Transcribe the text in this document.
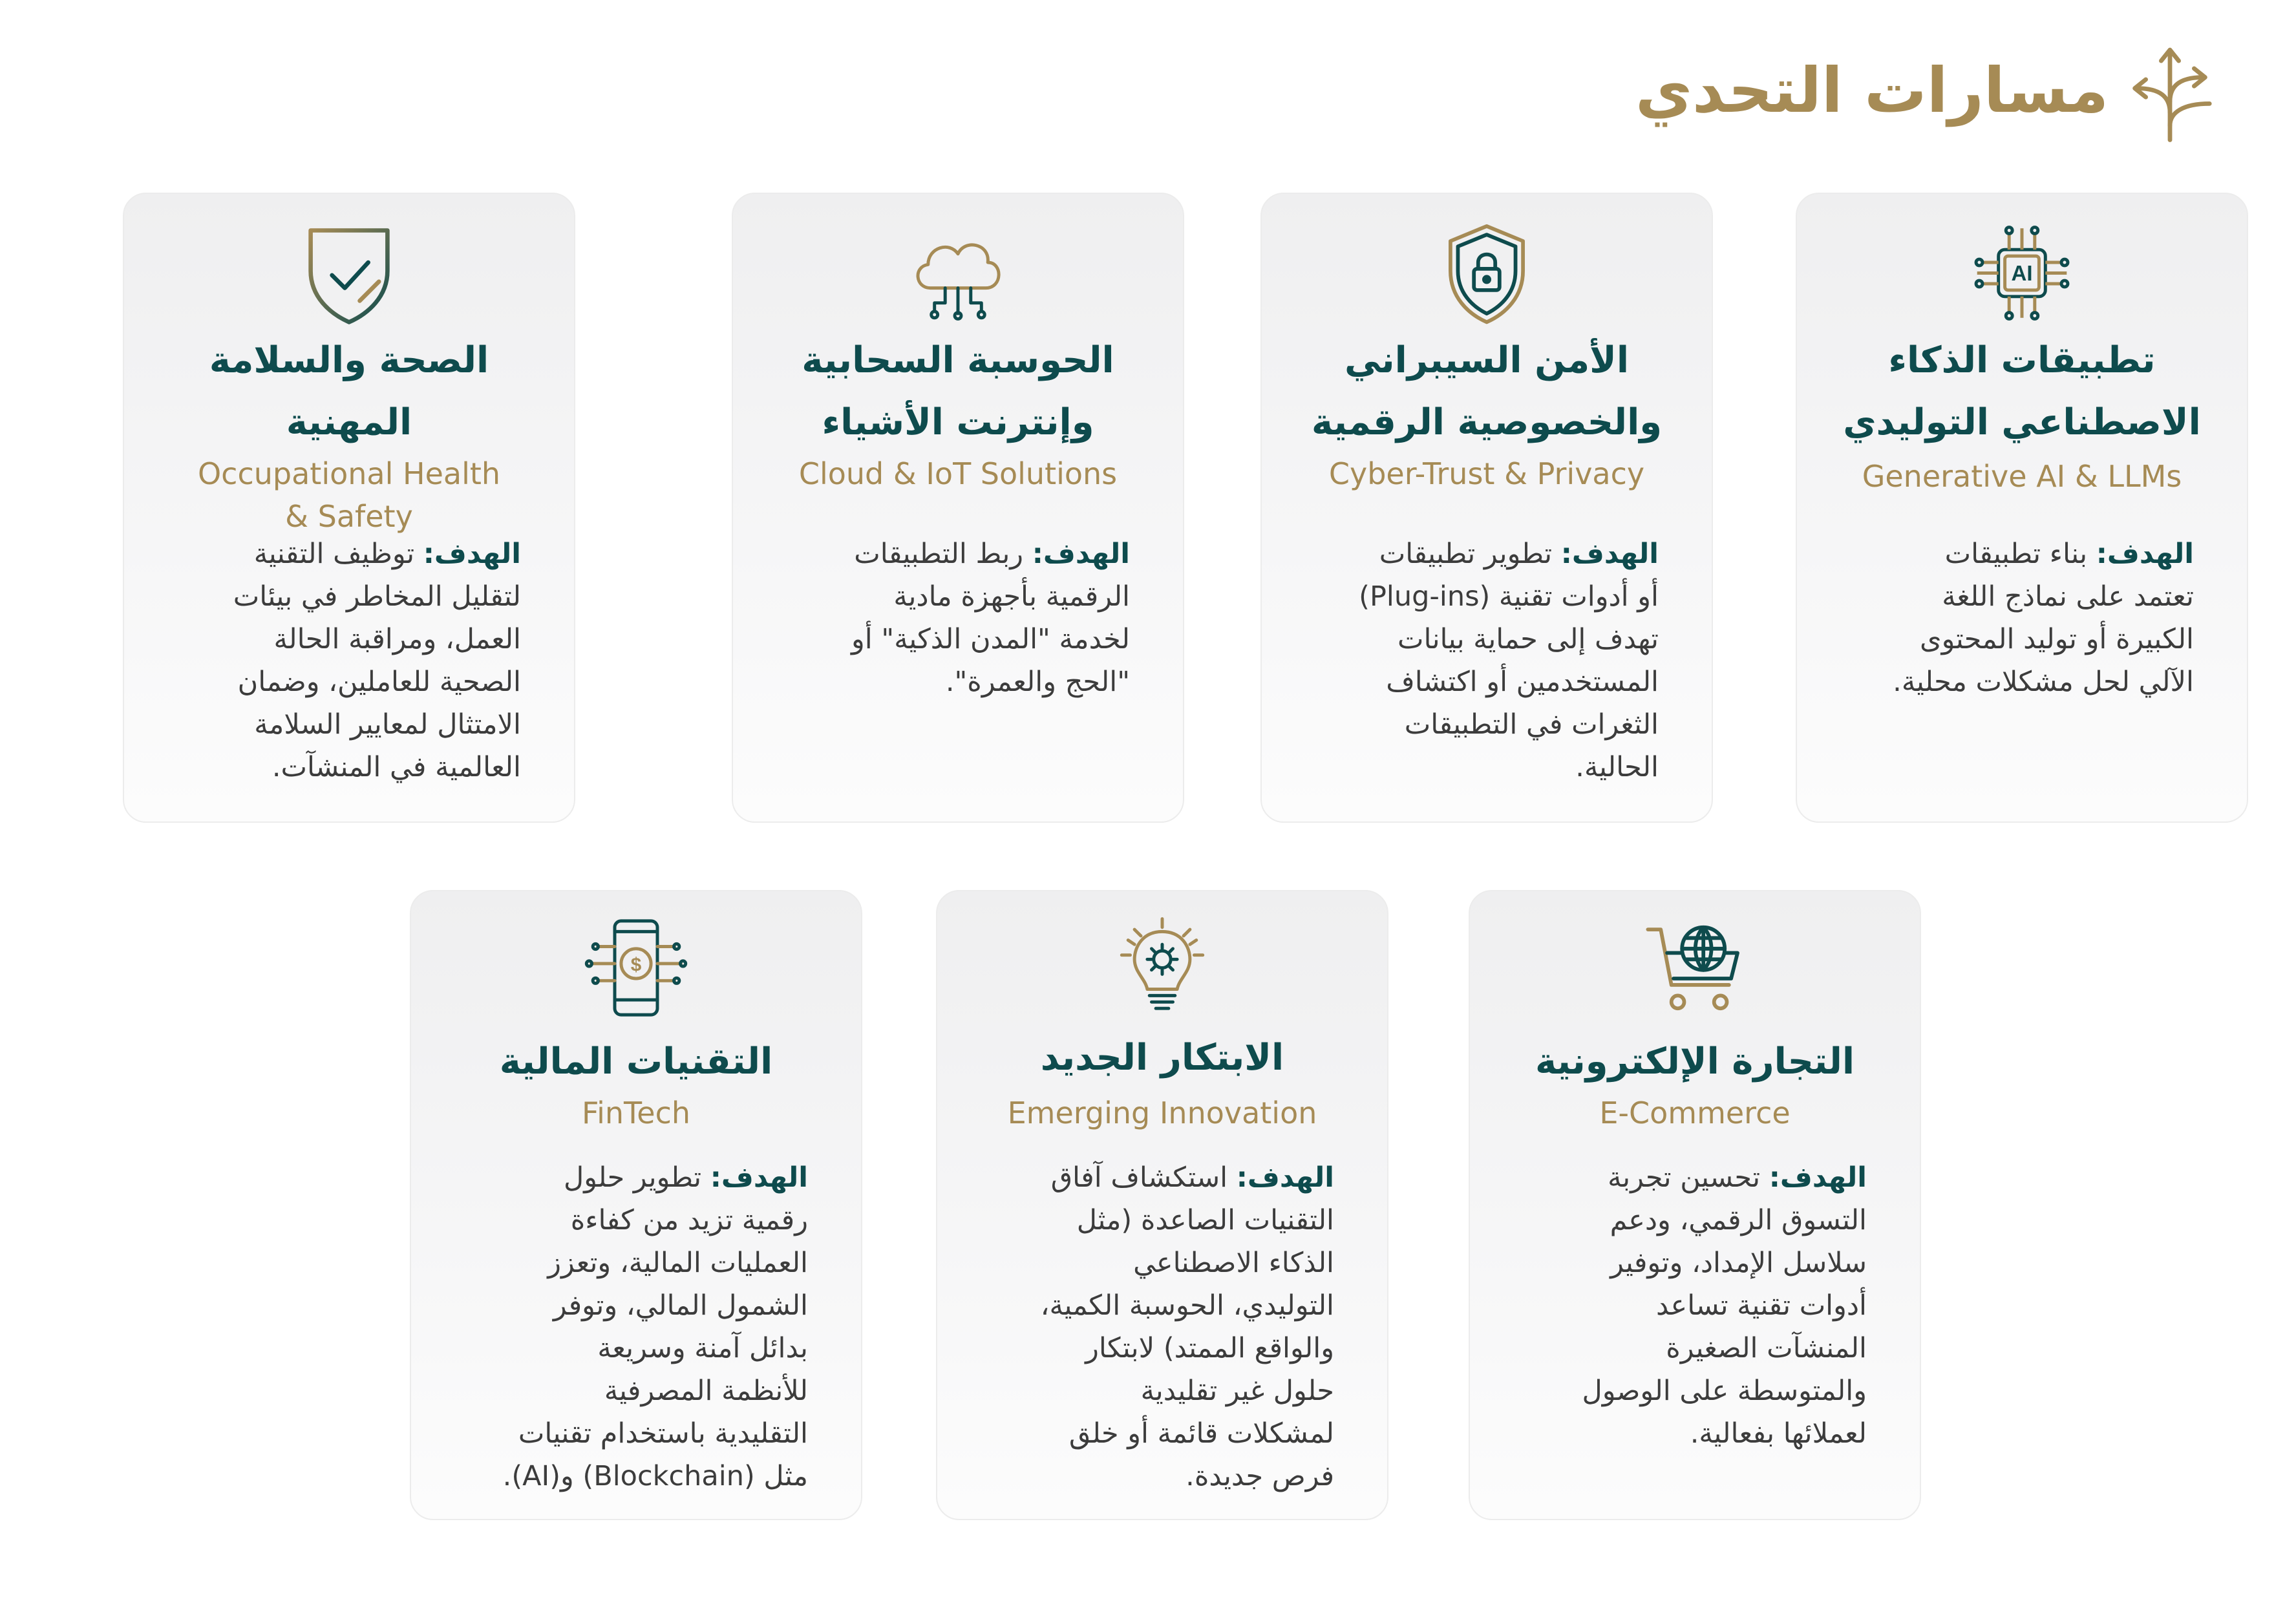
مسارات التحدي
AI
تطبيقات الذكاء
الاصطناعي التوليدي
Generative AI & LLMs
الهدف: بناء تطبيقات
تعتمد على نماذج اللغة
الكبيرة أو توليد المحتوى
الآلي لحل مشكلات محلية.
الأمن السيبراني
والخصوصية الرقمية
Cyber-Trust & Privacy
الهدف: تطوير تطبيقات
أو أدوات تقنية (Plug-ins)
تهدف إلى حماية بيانات
المستخدمين أو اكتشاف
الثغرات في التطبيقات
الحالية.
الحوسبة السحابية
وإنترنت الأشياء
Cloud & IoT Solutions
الهدف: ربط التطبيقات
الرقمية بأجهزة مادية
لخدمة "المدن الذكية" أو
"الحج والعمرة".
الصحة والسلامة
المهنية
Occupational Health
& Safety
الهدف: توظيف التقنية
لتقليل المخاطر في بيئات
العمل، ومراقبة الحالة
الصحية للعاملين، وضمان
الامتثال لمعايير السلامة
العالمية في المنشآت.
التجارة الإلكترونية
E-Commerce
الهدف: تحسين تجربة
التسوق الرقمي، ودعم
سلاسل الإمداد، وتوفير
أدوات تقنية تساعد
المنشآت الصغيرة
والمتوسطة على الوصول
لعملائها بفعالية.
الابتكار الجديد
Emerging Innovation
الهدف: استكشاف آفاق
التقنيات الصاعدة (مثل
الذكاء الاصطناعي
التوليدي، الحوسبة الكمية،
والواقع الممتد) لابتكار
حلول غير تقليدية
لمشكلات قائمة أو خلق
فرص جديدة.
$
التقنيات المالية
FinTech
الهدف: تطوير حلول
رقمية تزيد من كفاءة
العمليات المالية، وتعزز
الشمول المالي، وتوفر
بدائل آمنة وسريعة
للأنظمة المصرفية
التقليدية باستخدام تقنيات
مثل (Blockchain) و(AI).
